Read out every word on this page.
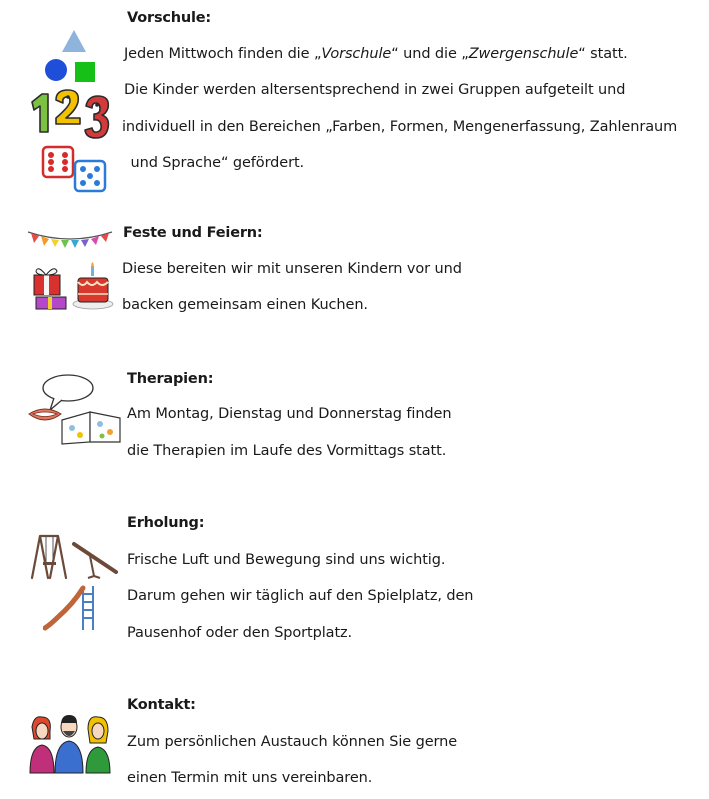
Vorschule:
Jeden Mittwoch finden die „Vorschule“ und die „Zwergenschule“ statt.
Die Kinder werden altersentsprechend in zwei Gruppen aufgeteilt und
individuell in den Bereichen „Farben, Formen, Mengenerfassung, Zahlenraum
und Sprache“ gefördert.
Feste und Feiern:
Diese bereiten wir mit unseren Kindern vor und
backen gemeinsam einen Kuchen.
Therapien:
Am Montag, Dienstag und Donnerstag finden
die Therapien im Laufe des Vormittags statt.
Erholung:
Frische Luft und Bewegung sind uns wichtig.
Darum gehen wir täglich auf den Spielplatz, den
Pausenhof oder den Sportplatz.
Kontakt:
Zum persönlichen Austauch können Sie gerne
einen Termin mit uns vereinbaren.
